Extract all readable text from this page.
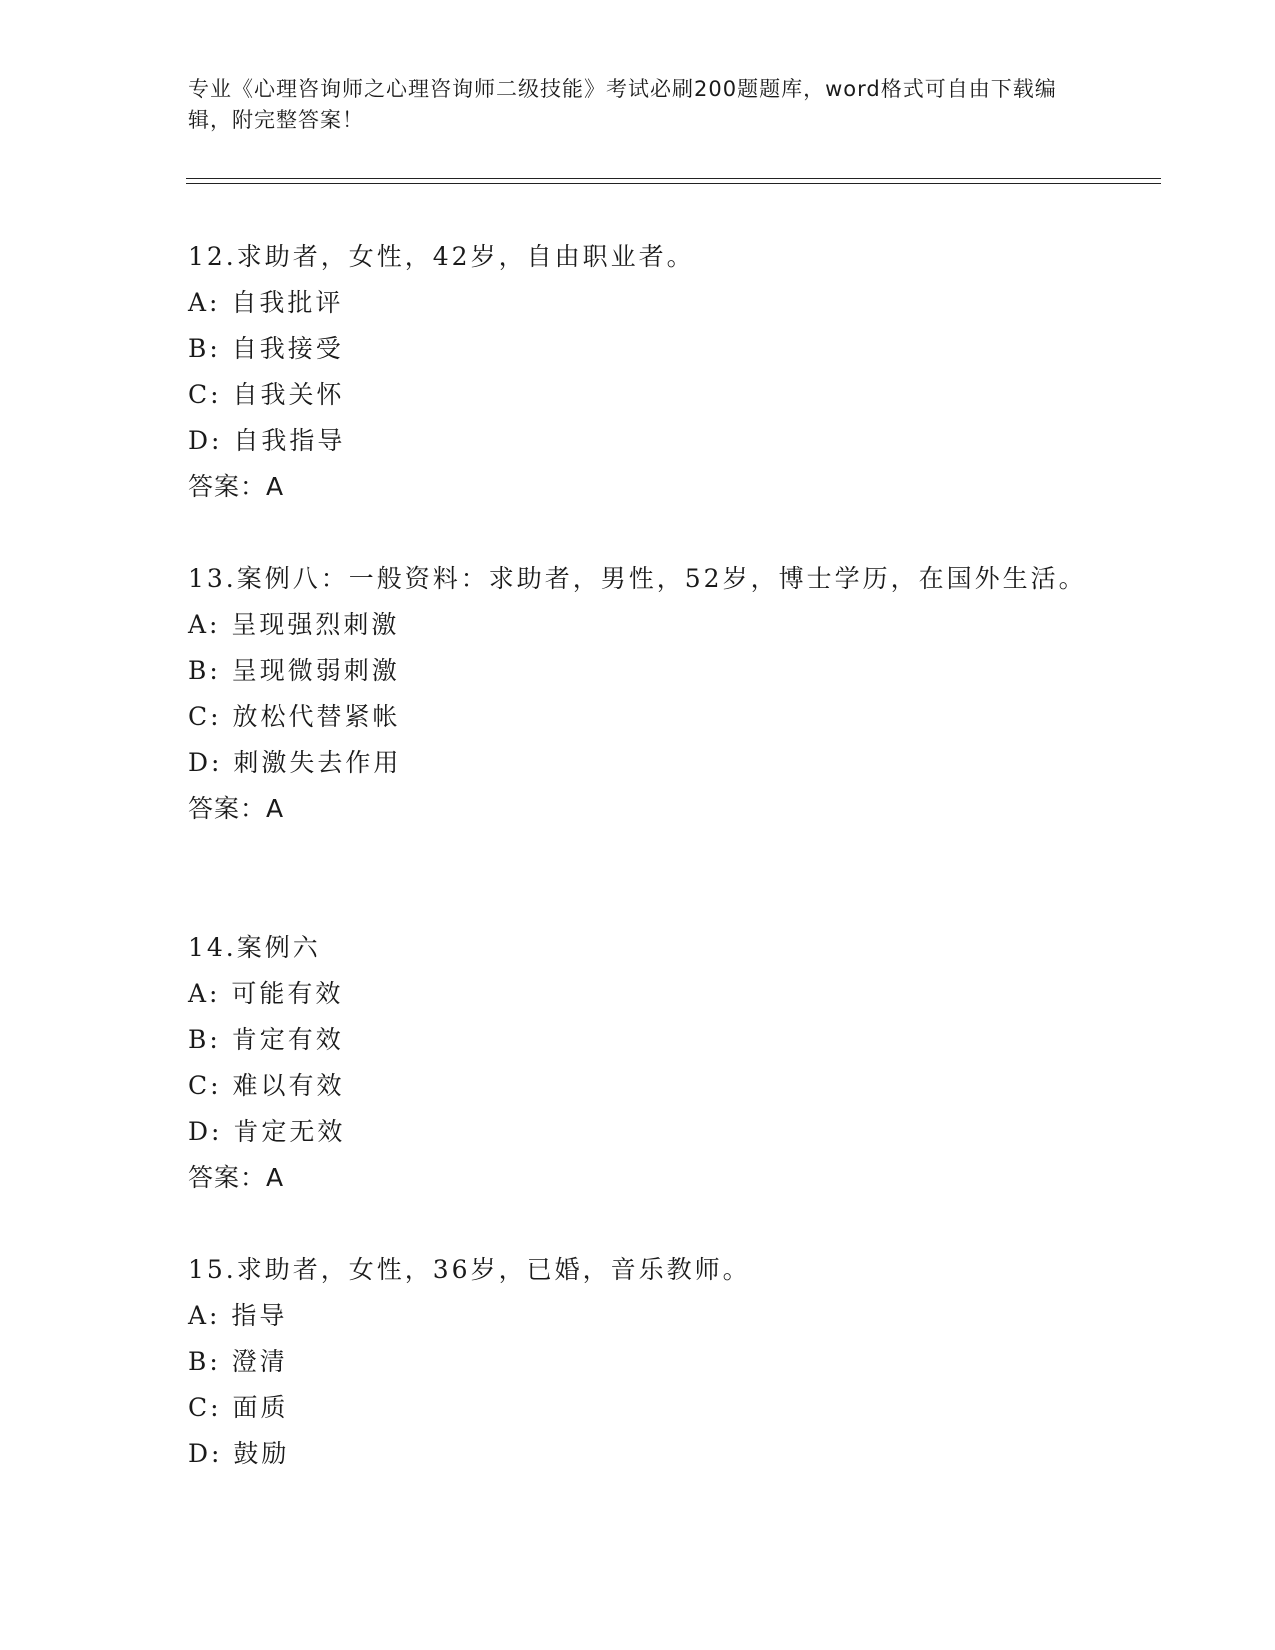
专业《心理咨询师之心理咨询师二级技能》考试必刷200题题库，word格式可自由下载编辑，附完整答案！
12.求助者，女性，42岁，自由职业者。
A: 自我批评
B: 自我接受
C: 自我关怀
D: 自我指导
答案：A
13.案例八：一般资料：求助者，男性，52岁，博士学历，在国外生活。
A: 呈现强烈刺激
B: 呈现微弱刺激
C: 放松代替紧帐
D: 刺激失去作用
答案：A
14.案例六
A: 可能有效
B: 肯定有效
C: 难以有效
D: 肯定无效
答案：A
15.求助者，女性，36岁，已婚，音乐教师。
A: 指导
B: 澄清
C: 面质
D: 鼓励
